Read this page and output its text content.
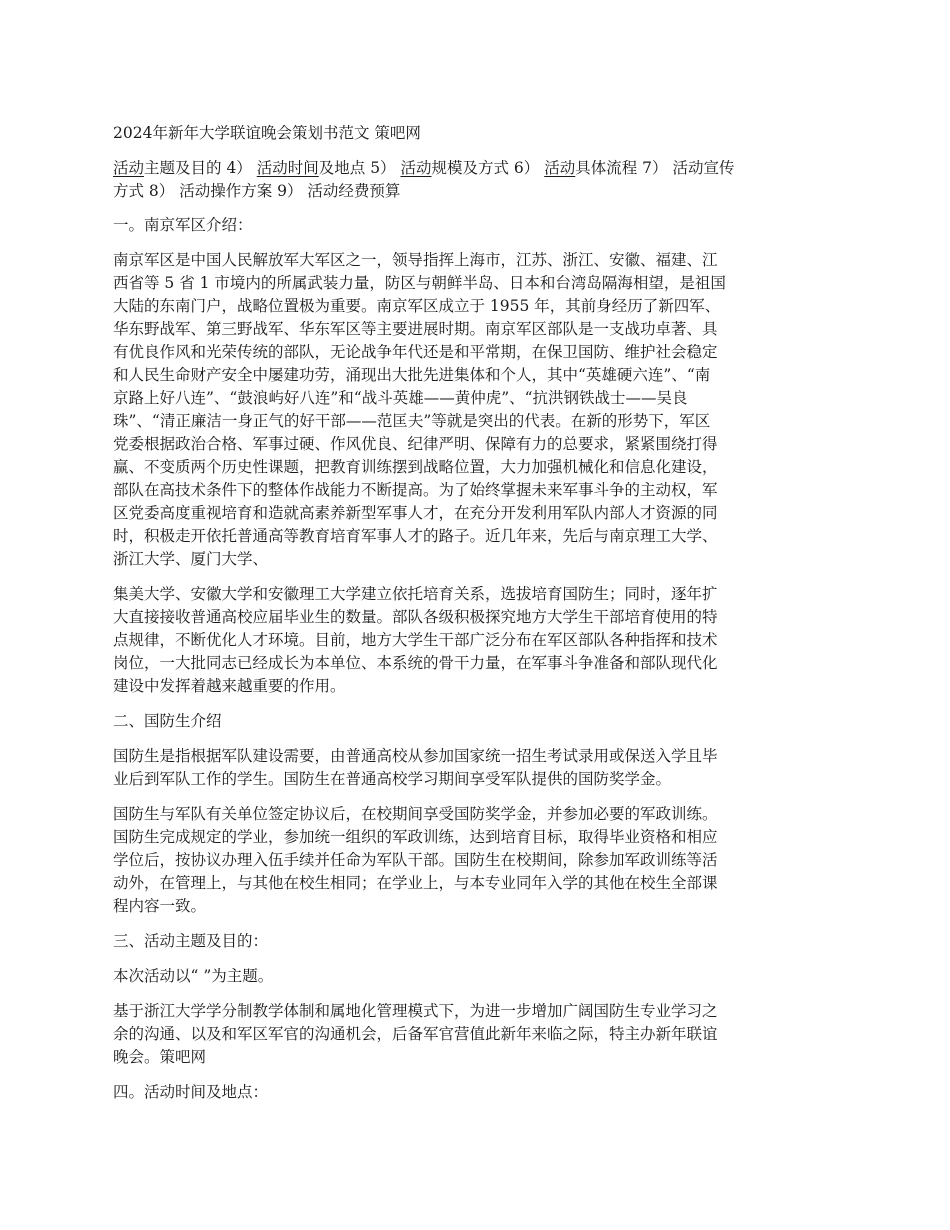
2024年新年大学联谊晚会策划书范文 策吧网
活动主题及目的 4） 活动时间及地点 5） 活动规模及方式 6） 活动具体流程 7） 活动宣传
方式 8） 活动操作方案 9） 活动经费预算
一。南京军区介绍：
南京军区是中国人民解放军大军区之一，领导指挥上海市，江苏、浙江、安徽、福建、江
西省等 5 省 1 市境内的所属武装力量，防区与朝鲜半岛、日本和台湾岛隔海相望，是祖国
大陆的东南门户，战略位置极为重要。南京军区成立于 1955 年，其前身经历了新四军、
华东野战军、第三野战军、华东军区等主要进展时期。南京军区部队是一支战功卓著、具
有优良作风和光荣传统的部队，无论战争年代还是和平常期，在保卫国防、维护社会稳定
和人民生命财产安全中屡建功劳，涌现出大批先进集体和个人，其中“英雄硬六连”、“南
京路上好八连”、“鼓浪屿好八连”和“战斗英雄——黄仲虎”、“抗洪钢铁战士——吴良
珠”、“清正廉洁一身正气的好干部——范匡夫”等就是突出的代表。在新的形势下，军区
党委根据政治合格、军事过硬、作风优良、纪律严明、保障有力的总要求，紧紧围绕打得
赢、不变质两个历史性课题，把教育训练摆到战略位置，大力加强机械化和信息化建设，
部队在高技术条件下的整体作战能力不断提高。为了始终掌握未来军事斗争的主动权，军
区党委高度重视培育和造就高素养新型军事人才，在充分开发利用军队内部人才资源的同
时，积极走开依托普通高等教育培育军事人才的路子。近几年来，先后与南京理工大学、
浙江大学、厦门大学、
集美大学、安徽大学和安徽理工大学建立依托培育关系，选拔培育国防生；同时，逐年扩
大直接接收普通高校应届毕业生的数量。部队各级积极探究地方大学生干部培育使用的特
点规律，不断优化人才环境。目前，地方大学生干部广泛分布在军区部队各种指挥和技术
岗位，一大批同志已经成长为本单位、本系统的骨干力量，在军事斗争准备和部队现代化
建设中发挥着越来越重要的作用。
二、国防生介绍
国防生是指根据军队建设需要，由普通高校从参加国家统一招生考试录用或保送入学且毕
业后到军队工作的学生。国防生在普通高校学习期间享受军队提供的国防奖学金。
国防生与军队有关单位签定协议后，在校期间享受国防奖学金，并参加必要的军政训练。
国防生完成规定的学业，参加统一组织的军政训练，达到培育目标，取得毕业资格和相应
学位后，按协议办理入伍手续并任命为军队干部。国防生在校期间，除参加军政训练等活
动外，在管理上，与其他在校生相同；在学业上，与本专业同年入学的其他在校生全部课
程内容一致。
三、活动主题及目的：
本次活动以“ ”为主题。
基于浙江大学学分制教学体制和属地化管理模式下，为进一步增加广阔国防生专业学习之
余的沟通、以及和军区军官的沟通机会，后备军官营值此新年来临之际，特主办新年联谊
晚会。策吧网
四。活动时间及地点：
